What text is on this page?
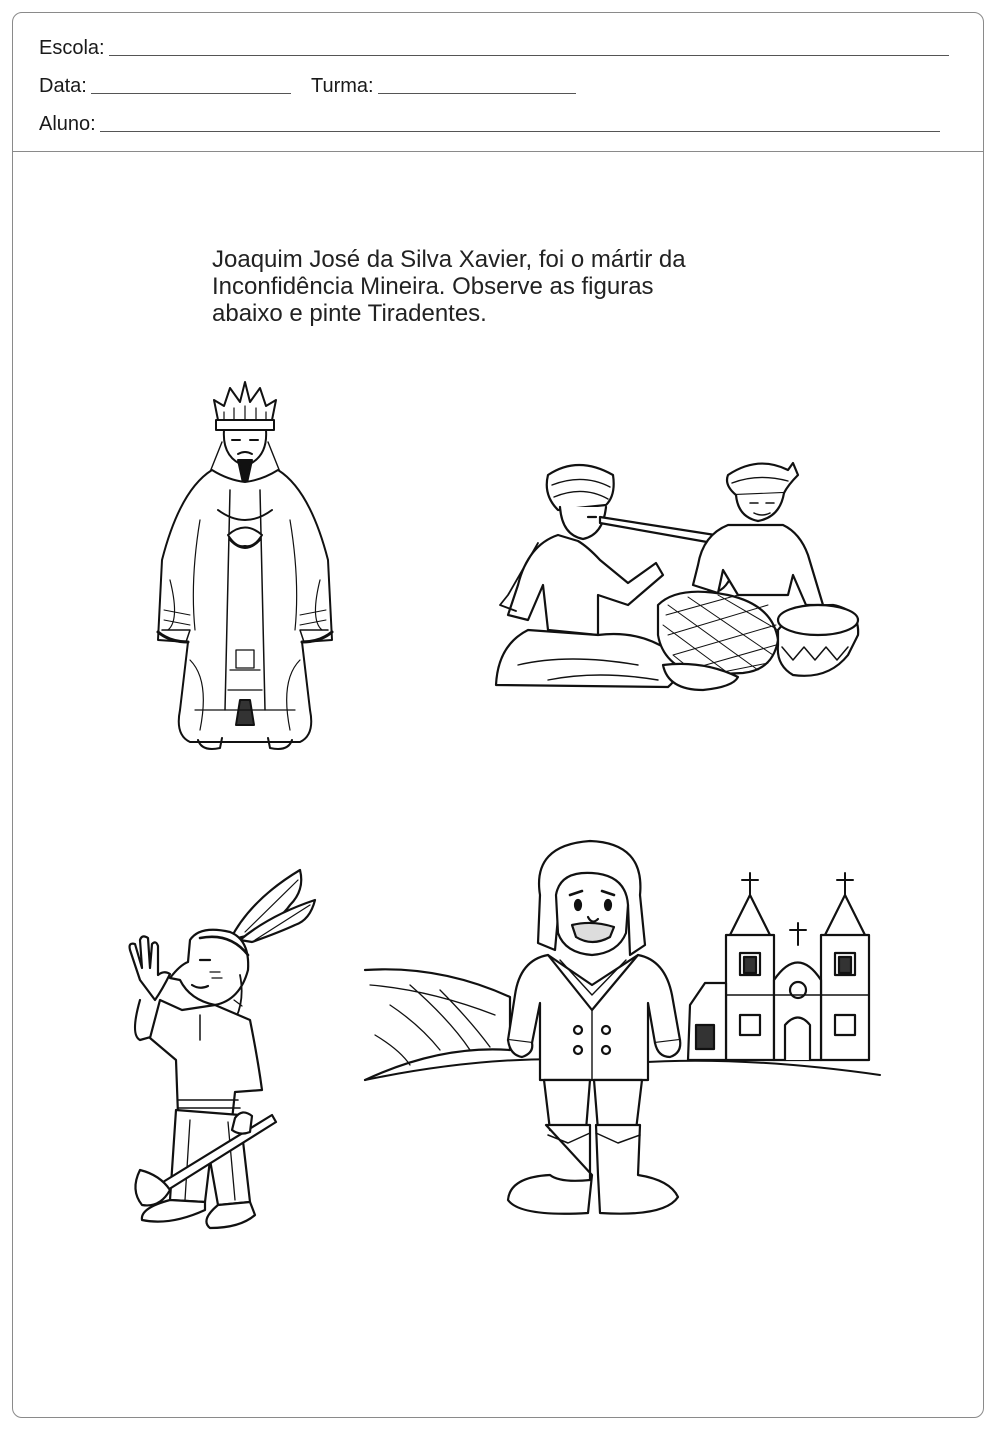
Escola:
Data:	Turma:
Aluno:

Joaquim José da Silva Xavier, foi o mártir da

Inconfidência Mineira. Observe as figuras

abaixo e pinte Tiradentes.
